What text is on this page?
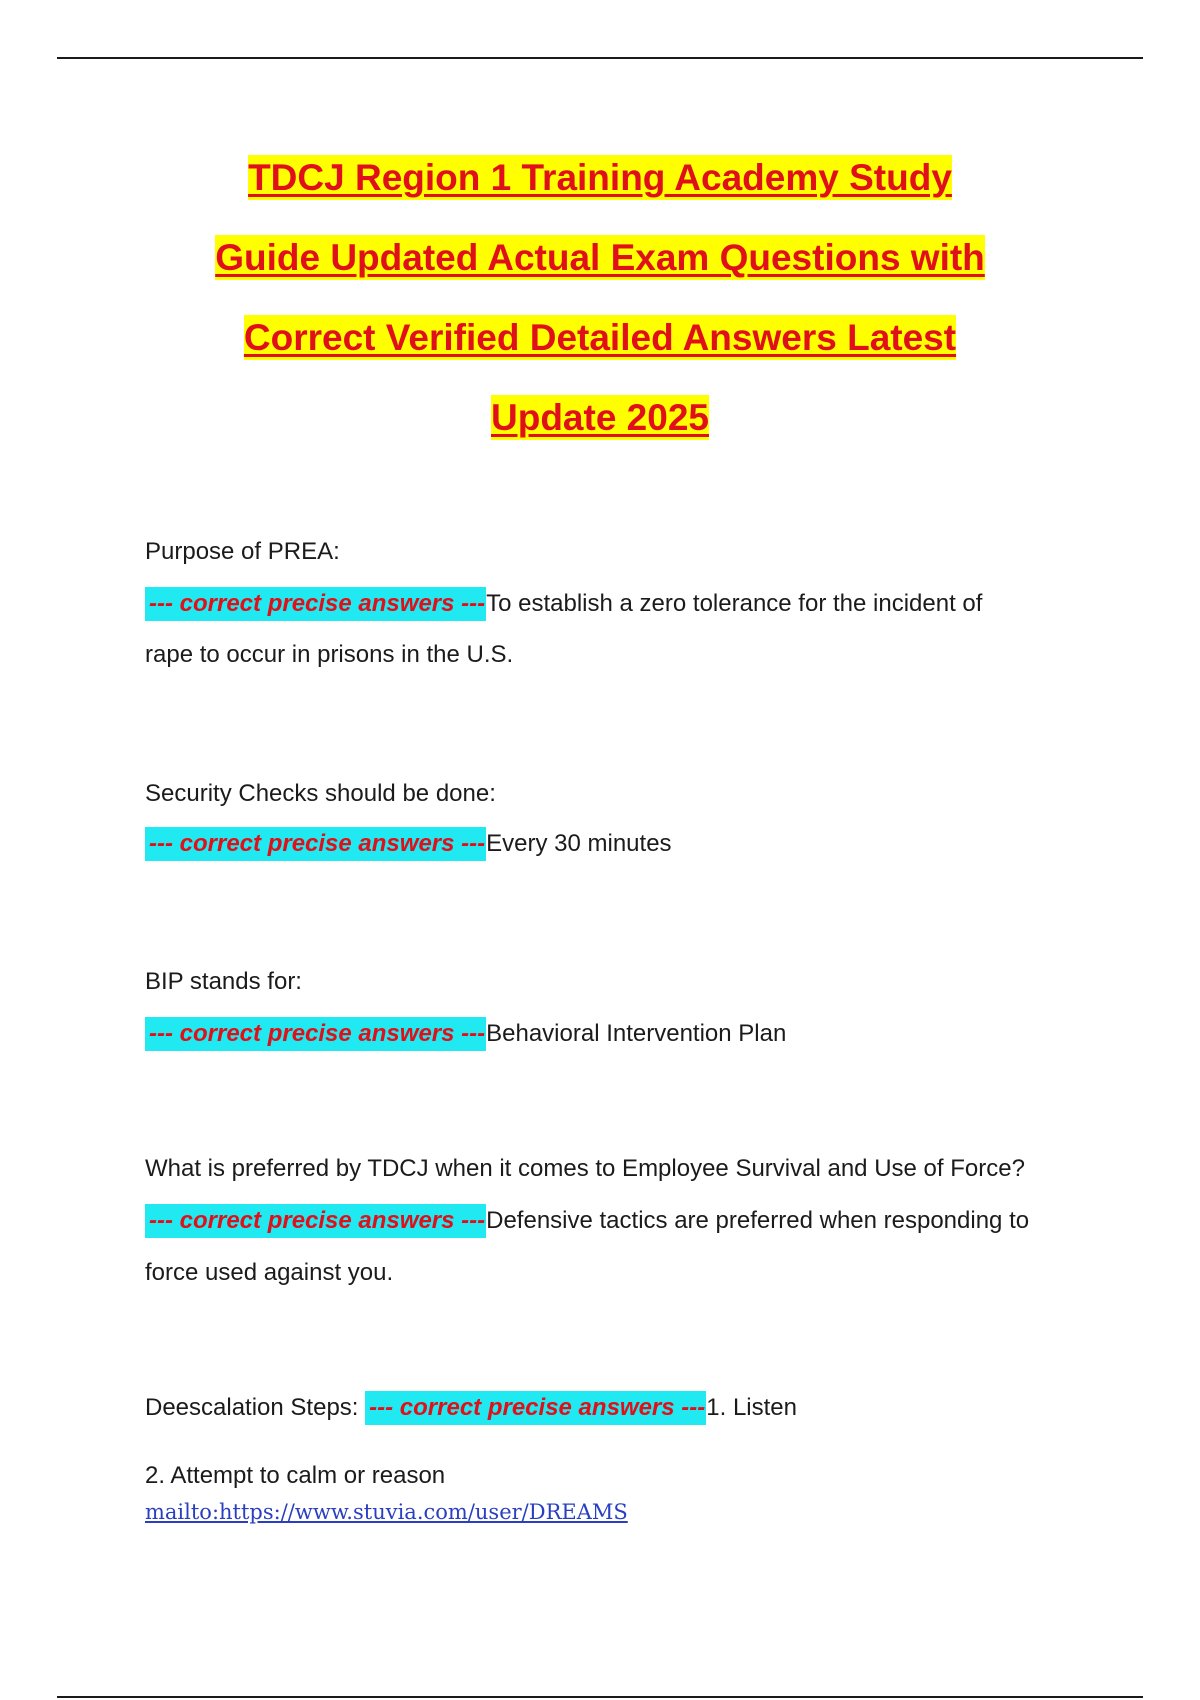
TDCJ Region 1 Training Academy Study
Guide Updated Actual Exam Questions with
Correct Verified Detailed Answers Latest
Update 2025
Purpose of PREA:
--- correct precise answers ---To establish a zero tolerance for the incident of
rape to occur in prisons in the U.S.
Security Checks should be done:
--- correct precise answers ---Every 30 minutes
BIP stands for:
--- correct precise answers ---Behavioral Intervention Plan
What is preferred by TDCJ when it comes to Employee Survival and Use of Force?
--- correct precise answers ---Defensive tactics are preferred when responding to
force used against you.
Deescalation Steps: --- correct precise answers ---1. Listen
2. Attempt to calm or reason
mailto:https://www.stuvia.com/user/DREAMS
